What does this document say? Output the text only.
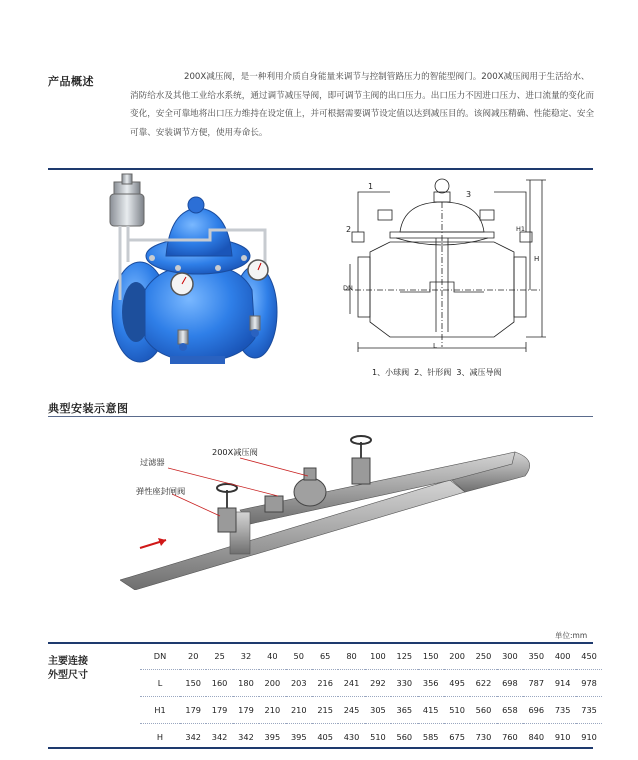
产品概述	200X减压阀，是一种利用介质自身能量来调节与控制管路压力的智能型阀门。200X减压阀用于生活给水、消防给水及其他工业给水系统，通过调节减压导阀，即可调节主阀的出口压力。出口压力不因进口压力、进口流量的变化而变化，安全可靠地将出口压力维持在设定值上，并可根据需要调节设定值以达到减压目的。该阀减压精确、性能稳定、安全可靠、安装调节方便，使用寿命长。
1
2
3
DN
L
H1
H
1、小球阀  2、针形阀  3、减压导阀
典型安装示意图
过滤器
200X减压阀
弹性座封闸阀
单位:mm
主要连接
外型尺寸
DN	20	25	32	40	50	65	80	100	125	150	200	250	300	350	400	450
L	150	160	180	200	203	216	241	292	330	356	495	622	698	787	914	978
H1	179	179	179	210	210	215	245	305	365	415	510	560	658	696	735	735
H	342	342	342	395	395	405	430	510	560	585	675	730	760	840	910	910
